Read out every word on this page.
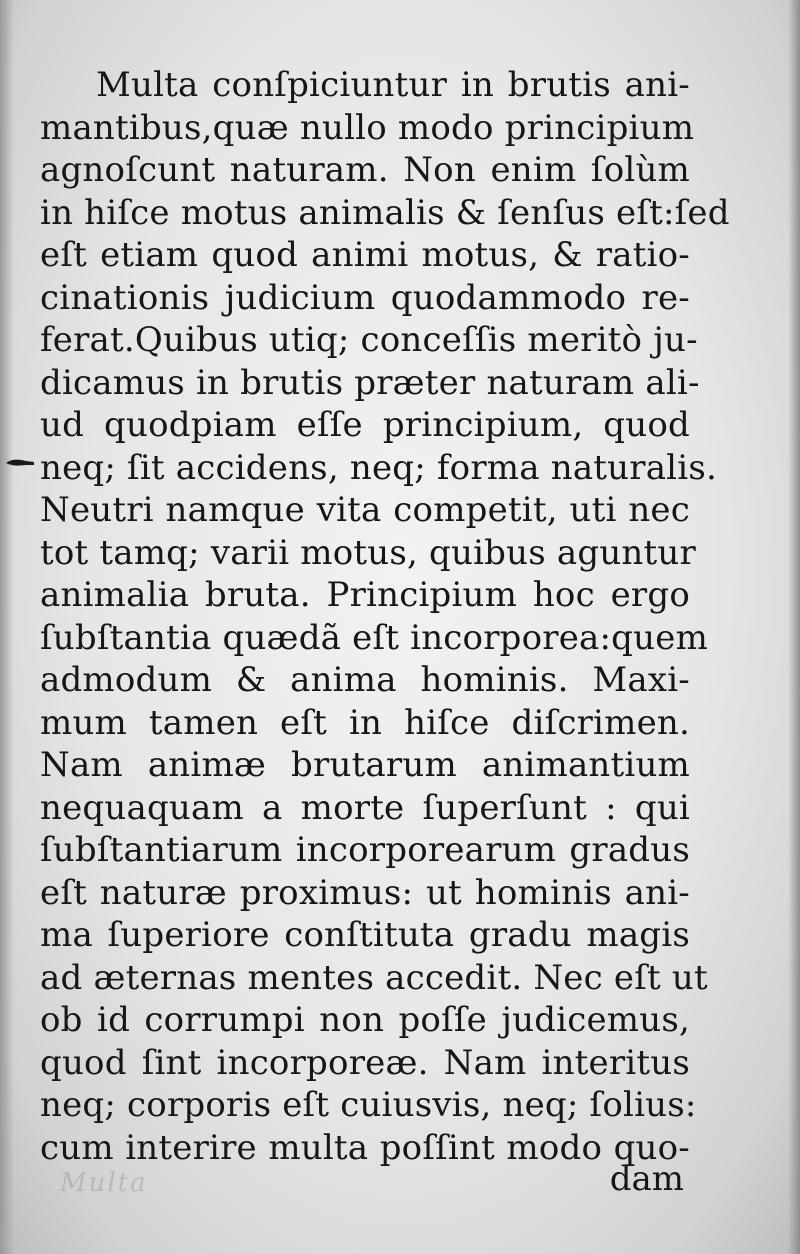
Multa conſpiciuntur in brutis ani-
mantibus,quæ nullo modo principium
agnoſcunt naturam. Non enim ſolùm
in hiſce motus animalis & ſenſus eſt:ſed
eſt etiam quod animi motus, & ratio-
cinationis judicium quodammodo re-
ferat.Quibus utiq; conceſſis meritò ju-
dicamus in brutis præter naturam ali-
ud quodpiam eſſe principium, quod
neq; ſit accidens, neq; forma naturalis.
Neutri namque vita competit, uti nec
tot tamq; varii motus, quibus aguntur
animalia bruta. Principium hoc ergo
ſubſtantia quædã eſt incorporea:quem
admodum & anima hominis. Maxi-
mum tamen eſt in hiſce diſcrimen.
Nam animæ brutarum animantium
nequaquam a morte ſuperſunt : qui
ſubſtantiarum incorporearum gradus
eſt naturæ proximus: ut hominis ani-
ma ſuperiore conſtituta gradu magis
ad æternas mentes accedit. Nec eſt ut
ob id corrumpi non poſſe judicemus,
quod ſint incorporeæ. Nam interitus
neq; corporis eſt cuiusvis, neq; ſolius:
cum interire multa poſſint modo quo-
Multa	dam
